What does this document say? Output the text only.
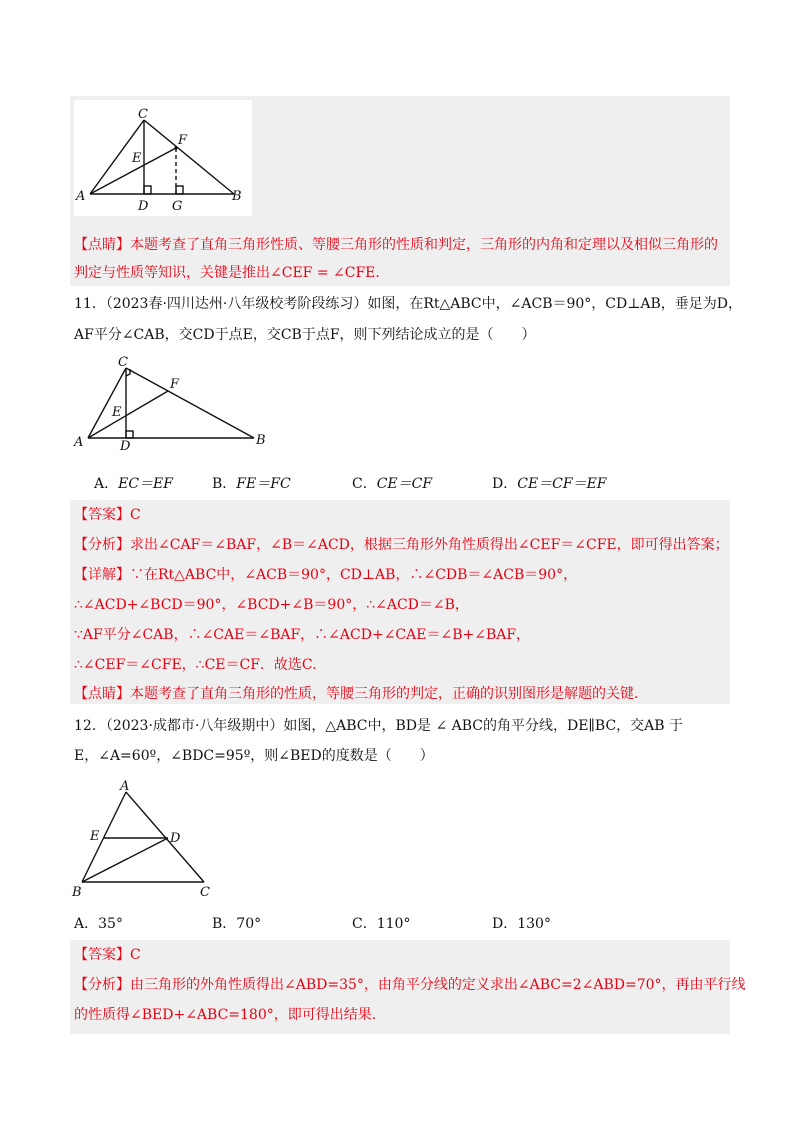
C
F
E
A
D G
B
【点睛】本题考查了直角三角形性质、等腰三角形的性质和判定，三角形的内角和定理以及相似三角形的
判定与性质等知识，关键是推出∠CEF = ∠CFE.
11．（2023春·四川达州·八年级校考阶段练习）如图，在Rt△ABC中，∠ACB＝90°，CD⊥AB，垂足为D，
AF平分∠CAB，交CD于点E，交CB于点F，则下列结论成立的是（　　）
C
F
E
A	D	B
A．EC＝EF	B．FE＝FC	C．CE＝CF	D．CE＝CF＝EF
【答案】C
【分析】求出∠CAF＝∠BAF，∠B＝∠ACD，根据三角形外角性质得出∠CEF＝∠CFE，即可得出答案；
【详解】∵在Rt△ABC中，∠ACB＝90°，CD⊥AB，∴∠CDB＝∠ACB＝90°，
∴∠ACD+∠BCD＝90°，∠BCD+∠B＝90°，∴∠ACD＝∠B，
∵AF平分∠CAB，∴∠CAE＝∠BAF，∴∠ACD+∠CAE＝∠B+∠BAF，
∴∠CEF＝∠CFE，∴CE＝CF．故选C.
【点睛】本题考查了直角三角形的性质，等腰三角形的判定，正确的识别图形是解题的关键.
12．（2023·成都市·八年级期中）如图，△ABC中，BD是 ∠ ABC的角平分线，DE∥BC，交AB 于
E，∠A=60º，∠BDC=95º，则∠BED的度数是（　　）
A
E	D
B	C
A．35°	B．70°	C．110°	D．130°
【答案】C
【分析】由三角形的外角性质得出∠ABD=35°，由角平分线的定义求出∠ABC=2∠ABD=70°，再由平行线
的性质得∠BED+∠ABC=180°，即可得出结果.
